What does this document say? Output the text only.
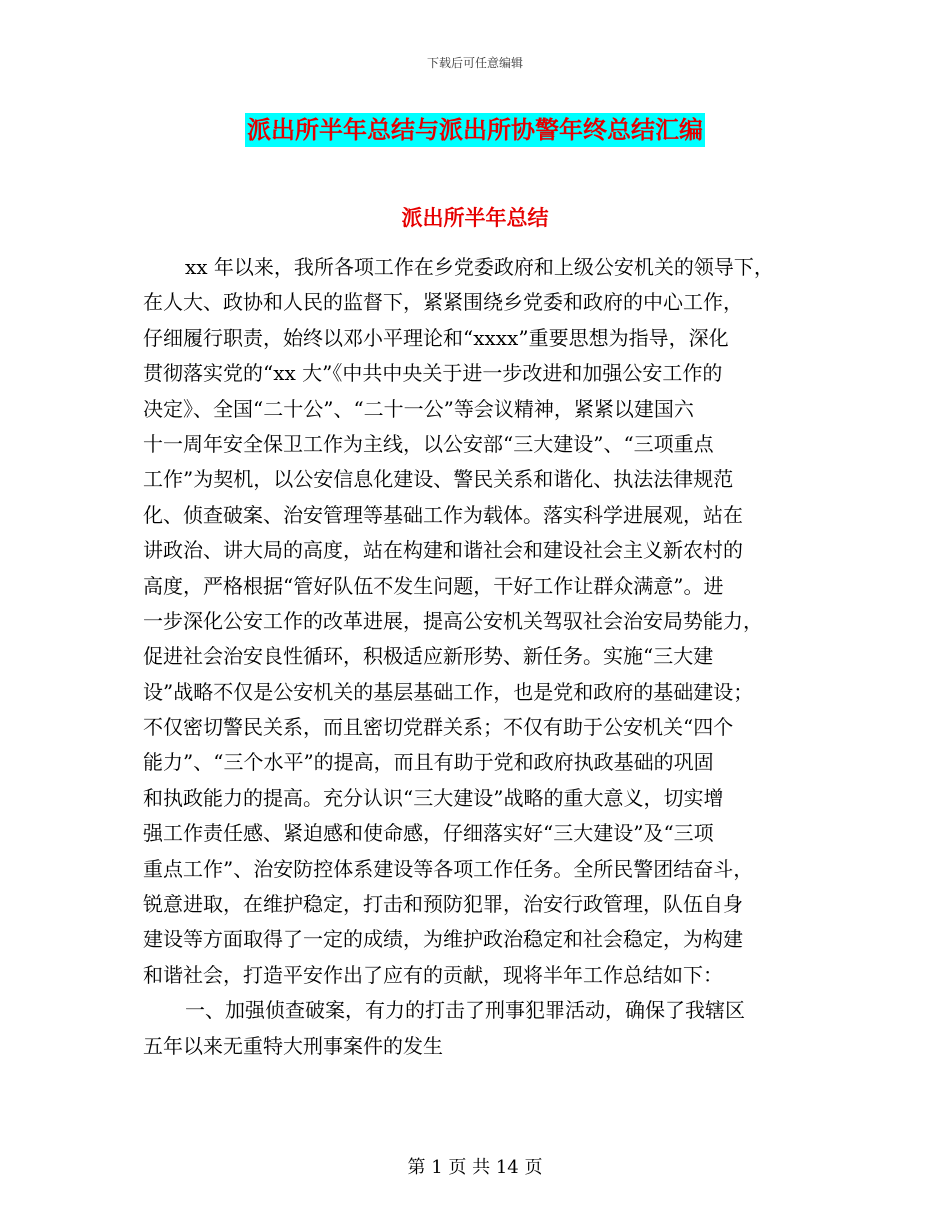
下载后可任意编辑
派出所半年总结与派出所协警年终总结汇编
派出所半年总结
xx 年以来，我所各项工作在乡党委政府和上级公安机关的领导下，
在人大、政协和人民的监督下，紧紧围绕乡党委和政府的中心工作，
仔细履行职责，始终以邓小平理论和“xxxx”重要思想为指导，深化
贯彻落实党的“xx 大”《中共中央关于进一步改进和加强公安工作的
决定》、全国“二十公”、“二十一公”等会议精神，紧紧以建国六
十一周年安全保卫工作为主线，以公安部“三大建设”、“三项重点
工作”为契机，以公安信息化建设、警民关系和谐化、执法法律规范
化、侦查破案、治安管理等基础工作为载体。落实科学进展观，站在
讲政治、讲大局的高度，站在构建和谐社会和建设社会主义新农村的
高度，严格根据“管好队伍不发生问题，干好工作让群众满意”。进
一步深化公安工作的改革进展，提高公安机关驾驭社会治安局势能力，
促进社会治安良性循环，积极适应新形势、新任务。实施“三大建
设”战略不仅是公安机关的基层基础工作，也是党和政府的基础建设；
不仅密切警民关系，而且密切党群关系；不仅有助于公安机关“四个
能力”、“三个水平”的提高，而且有助于党和政府执政基础的巩固
和执政能力的提高。充分认识“三大建设”战略的重大意义，切实增
强工作责任感、紧迫感和使命感，仔细落实好“三大建设”及“三项
重点工作”、治安防控体系建设等各项工作任务。全所民警团结奋斗，
锐意进取，在维护稳定，打击和预防犯罪，治安行政管理，队伍自身
建设等方面取得了一定的成绩，为维护政治稳定和社会稳定，为构建
和谐社会，打造平安作出了应有的贡献，现将半年工作总结如下：
一、加强侦查破案，有力的打击了刑事犯罪活动，确保了我辖区
五年以来无重特大刑事案件的发生
第 1 页 共 14 页
